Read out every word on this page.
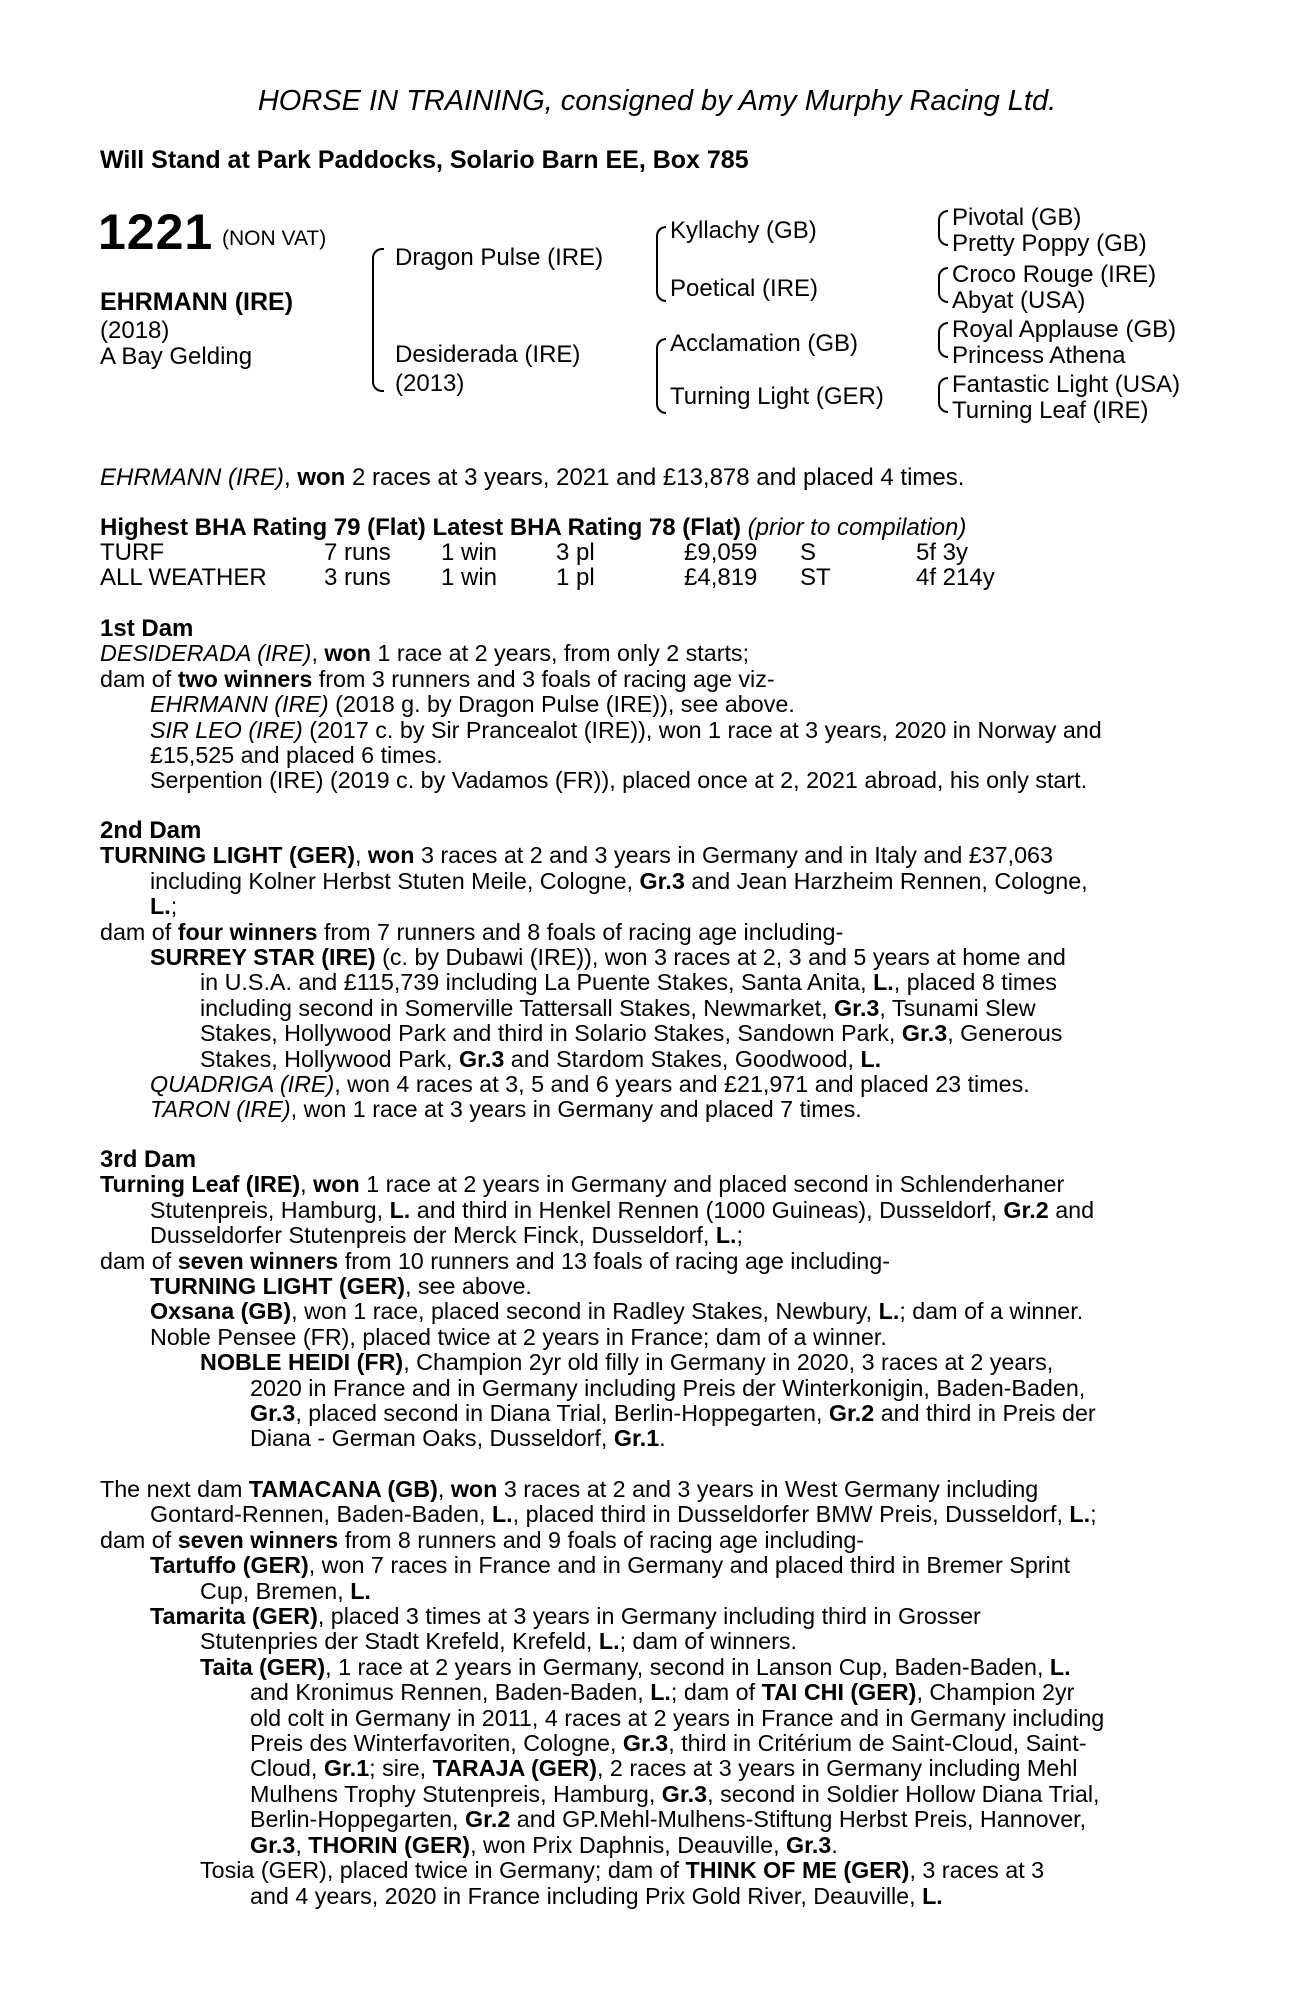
HORSE IN TRAINING, consigned by Amy Murphy Racing Ltd.
Will Stand at Park Paddocks, Solario Barn EE, Box 785
1221 (NON VAT)
EHRMANN (IRE)
(2018)
A Bay Gelding
Dragon Pulse (IRE)
Desiderada (IRE)
(2013)
Kyllachy (GB)
Poetical (IRE)
Acclamation (GB)
Turning Light (GER)
Pivotal (GB)
Pretty Poppy (GB)
Croco Rouge (IRE)
Abyat (USA)
Royal Applause (GB)
Princess Athena
Fantastic Light (USA)
Turning Leaf (IRE)
EHRMANN (IRE), won 2 races at 3 years, 2021 and £13,878 and placed 4 times.
Highest BHA Rating 79 (Flat) Latest BHA Rating 78 (Flat) (prior to compilation)
TURF	7 runs 1 win 3 pl	£9,059 S	5f 3y
ALL WEATHER 3 runs 1 win 1 pl	£4,819 ST	4f 214y
1st Dam
DESIDERADA (IRE), won 1 race at 2 years, from only 2 starts;
dam of two winners from 3 runners and 3 foals of racing age viz-
EHRMANN (IRE) (2018 g. by Dragon Pulse (IRE)), see above.
SIR LEO (IRE) (2017 c. by Sir Prancealot (IRE)), won 1 race at 3 years, 2020 in Norway and
£15,525 and placed 6 times.
Serpention (IRE) (2019 c. by Vadamos (FR)), placed once at 2, 2021 abroad, his only start.
2nd Dam
TURNING LIGHT (GER), won 3 races at 2 and 3 years in Germany and in Italy and £37,063
including Kolner Herbst Stuten Meile, Cologne, Gr.3 and Jean Harzheim Rennen, Cologne,
L.;
dam of four winners from 7 runners and 8 foals of racing age including-
SURREY STAR (IRE) (c. by Dubawi (IRE)), won 3 races at 2, 3 and 5 years at home and
in U.S.A. and £115,739 including La Puente Stakes, Santa Anita, L., placed 8 times
including second in Somerville Tattersall Stakes, Newmarket, Gr.3, Tsunami Slew
Stakes, Hollywood Park and third in Solario Stakes, Sandown Park, Gr.3, Generous
Stakes, Hollywood Park, Gr.3 and Stardom Stakes, Goodwood, L.
QUADRIGA (IRE), won 4 races at 3, 5 and 6 years and £21,971 and placed 23 times.
TARON (IRE), won 1 race at 3 years in Germany and placed 7 times.
3rd Dam
Turning Leaf (IRE), won 1 race at 2 years in Germany and placed second in Schlenderhaner
Stutenpreis, Hamburg, L. and third in Henkel Rennen (1000 Guineas), Dusseldorf, Gr.2 and
Dusseldorfer Stutenpreis der Merck Finck, Dusseldorf, L.;
dam of seven winners from 10 runners and 13 foals of racing age including-
TURNING LIGHT (GER), see above.
Oxsana (GB), won 1 race, placed second in Radley Stakes, Newbury, L.; dam of a winner.
Noble Pensee (FR), placed twice at 2 years in France; dam of a winner.
NOBLE HEIDI (FR), Champion 2yr old filly in Germany in 2020, 3 races at 2 years,
2020 in France and in Germany including Preis der Winterkonigin, Baden-Baden,
Gr.3, placed second in Diana Trial, Berlin-Hoppegarten, Gr.2 and third in Preis der
Diana - German Oaks, Dusseldorf, Gr.1.
The next dam TAMACANA (GB), won 3 races at 2 and 3 years in West Germany including
Gontard-Rennen, Baden-Baden, L., placed third in Dusseldorfer BMW Preis, Dusseldorf, L.;
dam of seven winners from 8 runners and 9 foals of racing age including-
Tartuffo (GER), won 7 races in France and in Germany and placed third in Bremer Sprint
Cup, Bremen, L.
Tamarita (GER), placed 3 times at 3 years in Germany including third in Grosser
Stutenpries der Stadt Krefeld, Krefeld, L.; dam of winners.
Taita (GER), 1 race at 2 years in Germany, second in Lanson Cup, Baden-Baden, L.
and Kronimus Rennen, Baden-Baden, L.; dam of TAI CHI (GER), Champion 2yr
old colt in Germany in 2011, 4 races at 2 years in France and in Germany including
Preis des Winterfavoriten, Cologne, Gr.3, third in Critérium de Saint-Cloud, Saint-
Cloud, Gr.1; sire, TARAJA (GER), 2 races at 3 years in Germany including Mehl
Mulhens Trophy Stutenpreis, Hamburg, Gr.3, second in Soldier Hollow Diana Trial,
Berlin-Hoppegarten, Gr.2 and GP.Mehl-Mulhens-Stiftung Herbst Preis, Hannover,
Gr.3, THORIN (GER), won Prix Daphnis, Deauville, Gr.3.
Tosia (GER), placed twice in Germany; dam of THINK OF ME (GER), 3 races at 3
and 4 years, 2020 in France including Prix Gold River, Deauville, L.
